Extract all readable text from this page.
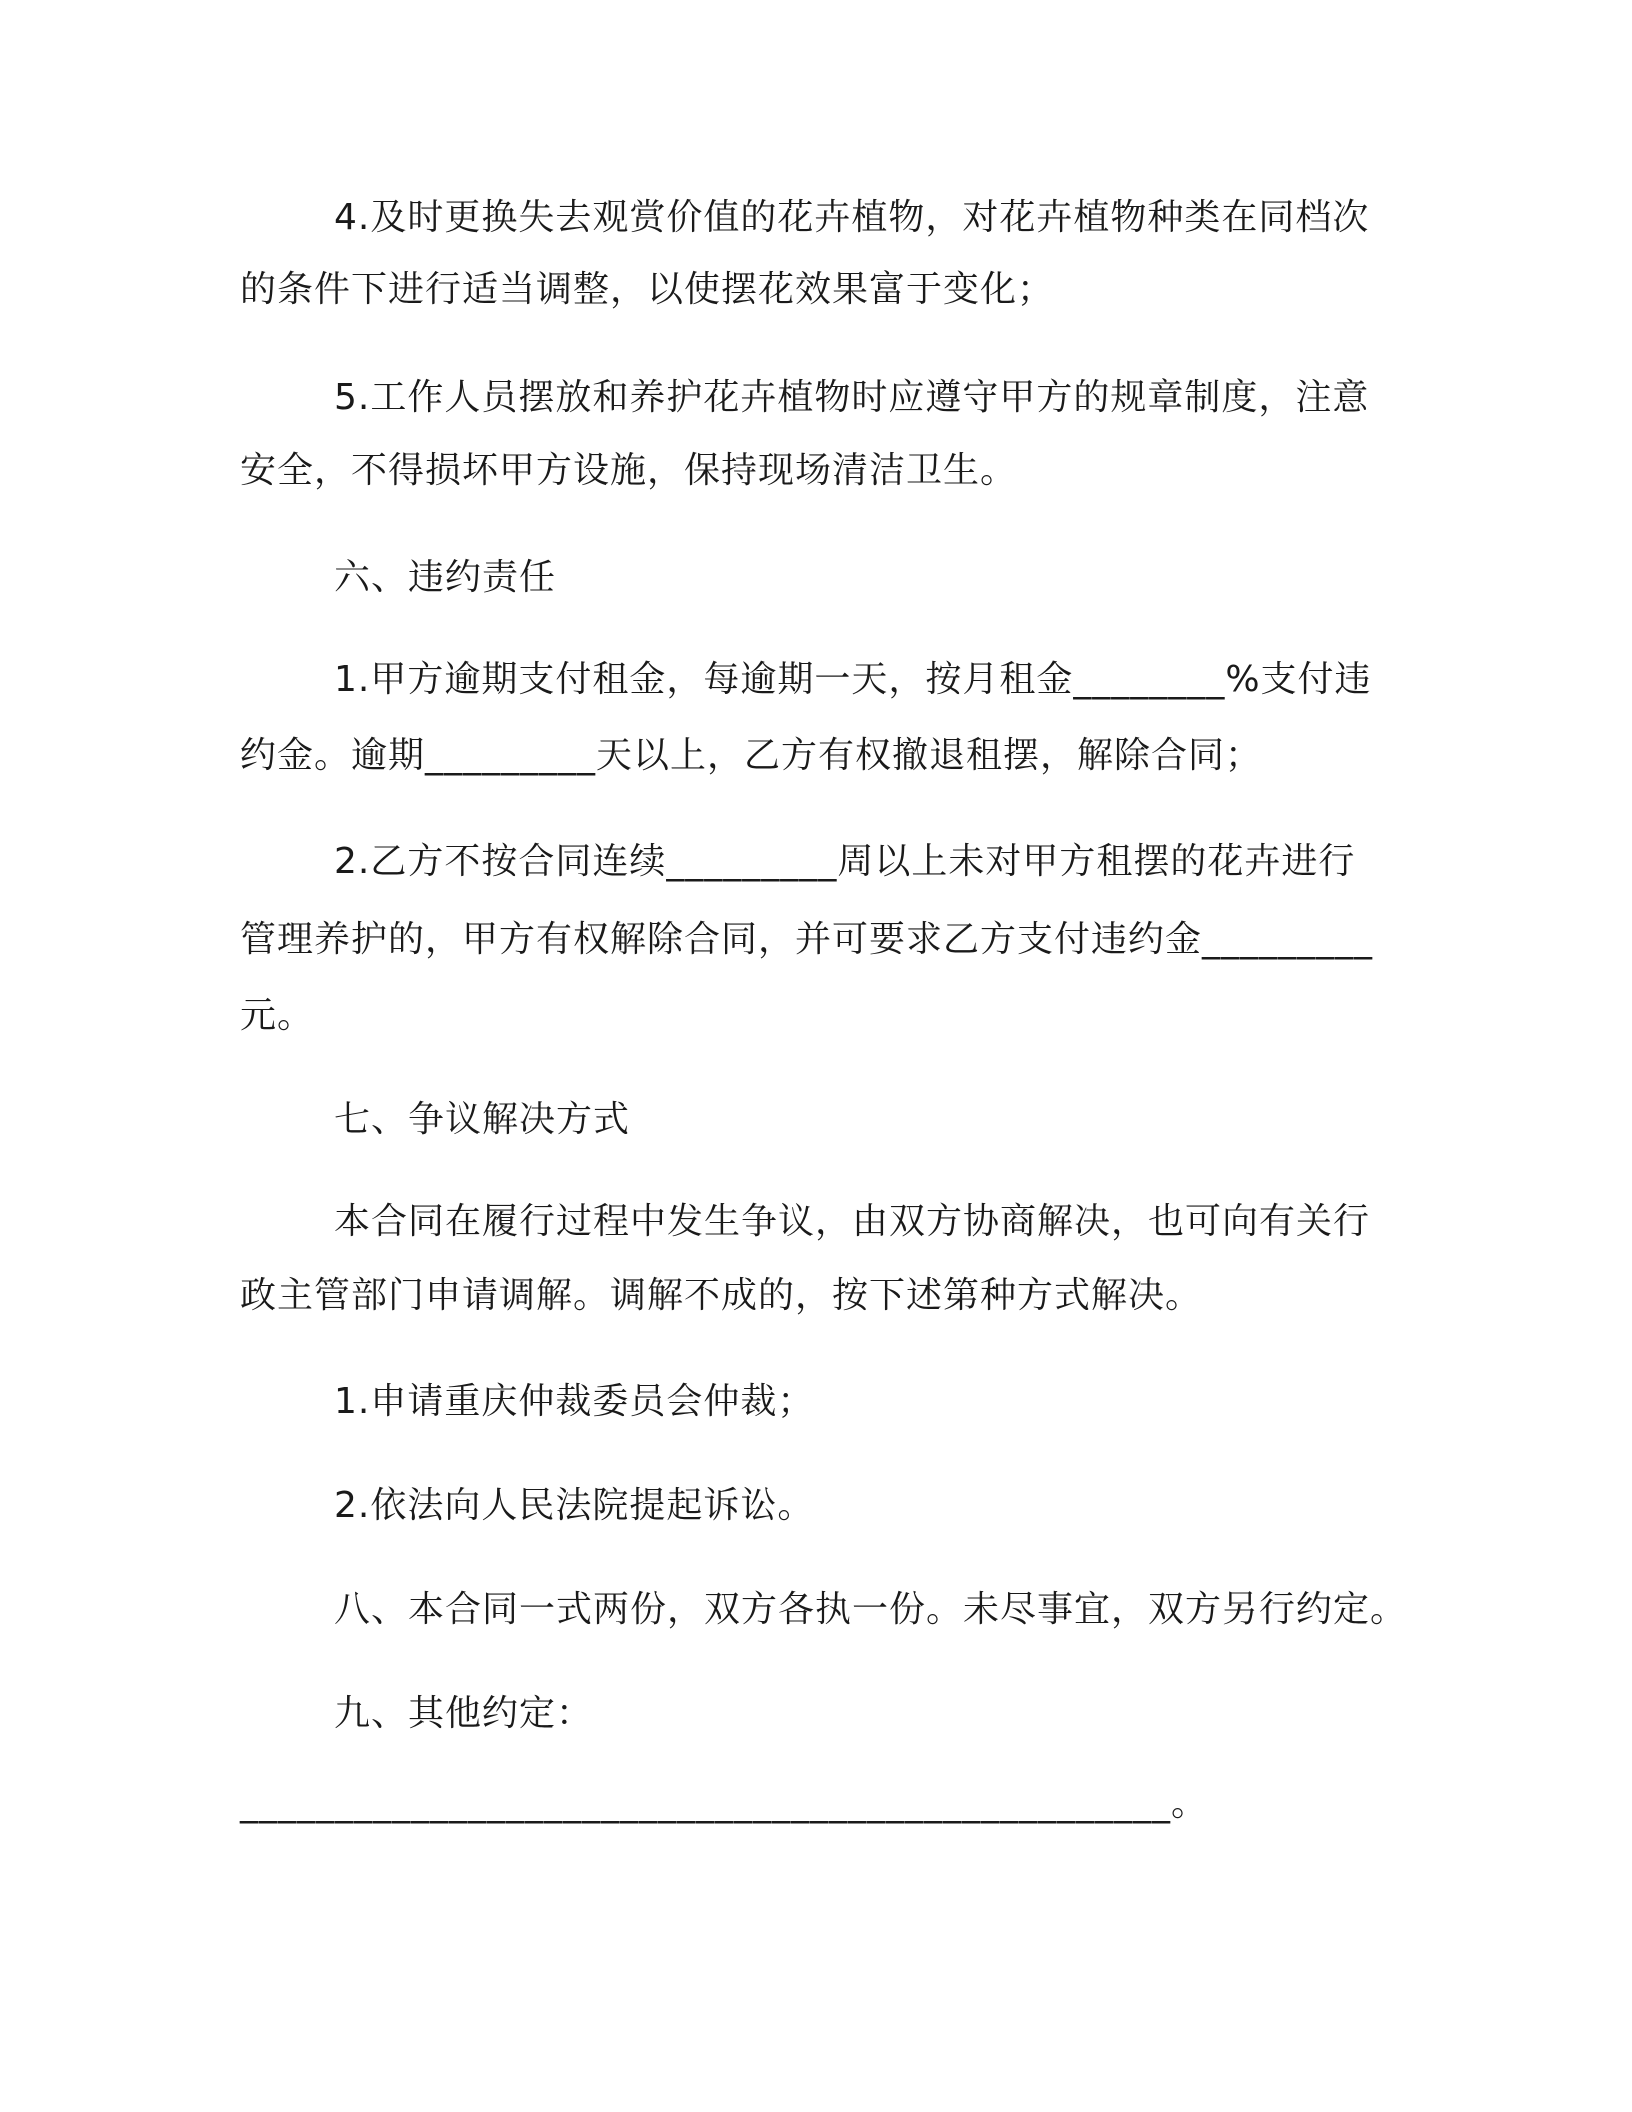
4.及时更换失去观赏价值的花卉植物，对花卉植物种类在同档次
的条件下进行适当调整，以使摆花效果富于变化；
5.工作人员摆放和养护花卉植物时应遵守甲方的规章制度，注意
安全，不得损坏甲方设施，保持现场清洁卫生。
六、违约责任
1.甲方逾期支付租金，每逾期一天，按月租金________%支付违
约金。逾期_________天以上，乙方有权撤退租摆，解除合同；
2.乙方不按合同连续_________周以上未对甲方租摆的花卉进行
管理养护的，甲方有权解除合同，并可要求乙方支付违约金_________
元。
七、争议解决方式
本合同在履行过程中发生争议，由双方协商解决，也可向有关行
政主管部门申请调解。调解不成的，按下述第种方式解决。
1.申请重庆仲裁委员会仲裁；
2.依法向人民法院提起诉讼。
八、本合同一式两份，双方各执一份。未尽事宜，双方另行约定。
九、其他约定：
_________________________________________________。
